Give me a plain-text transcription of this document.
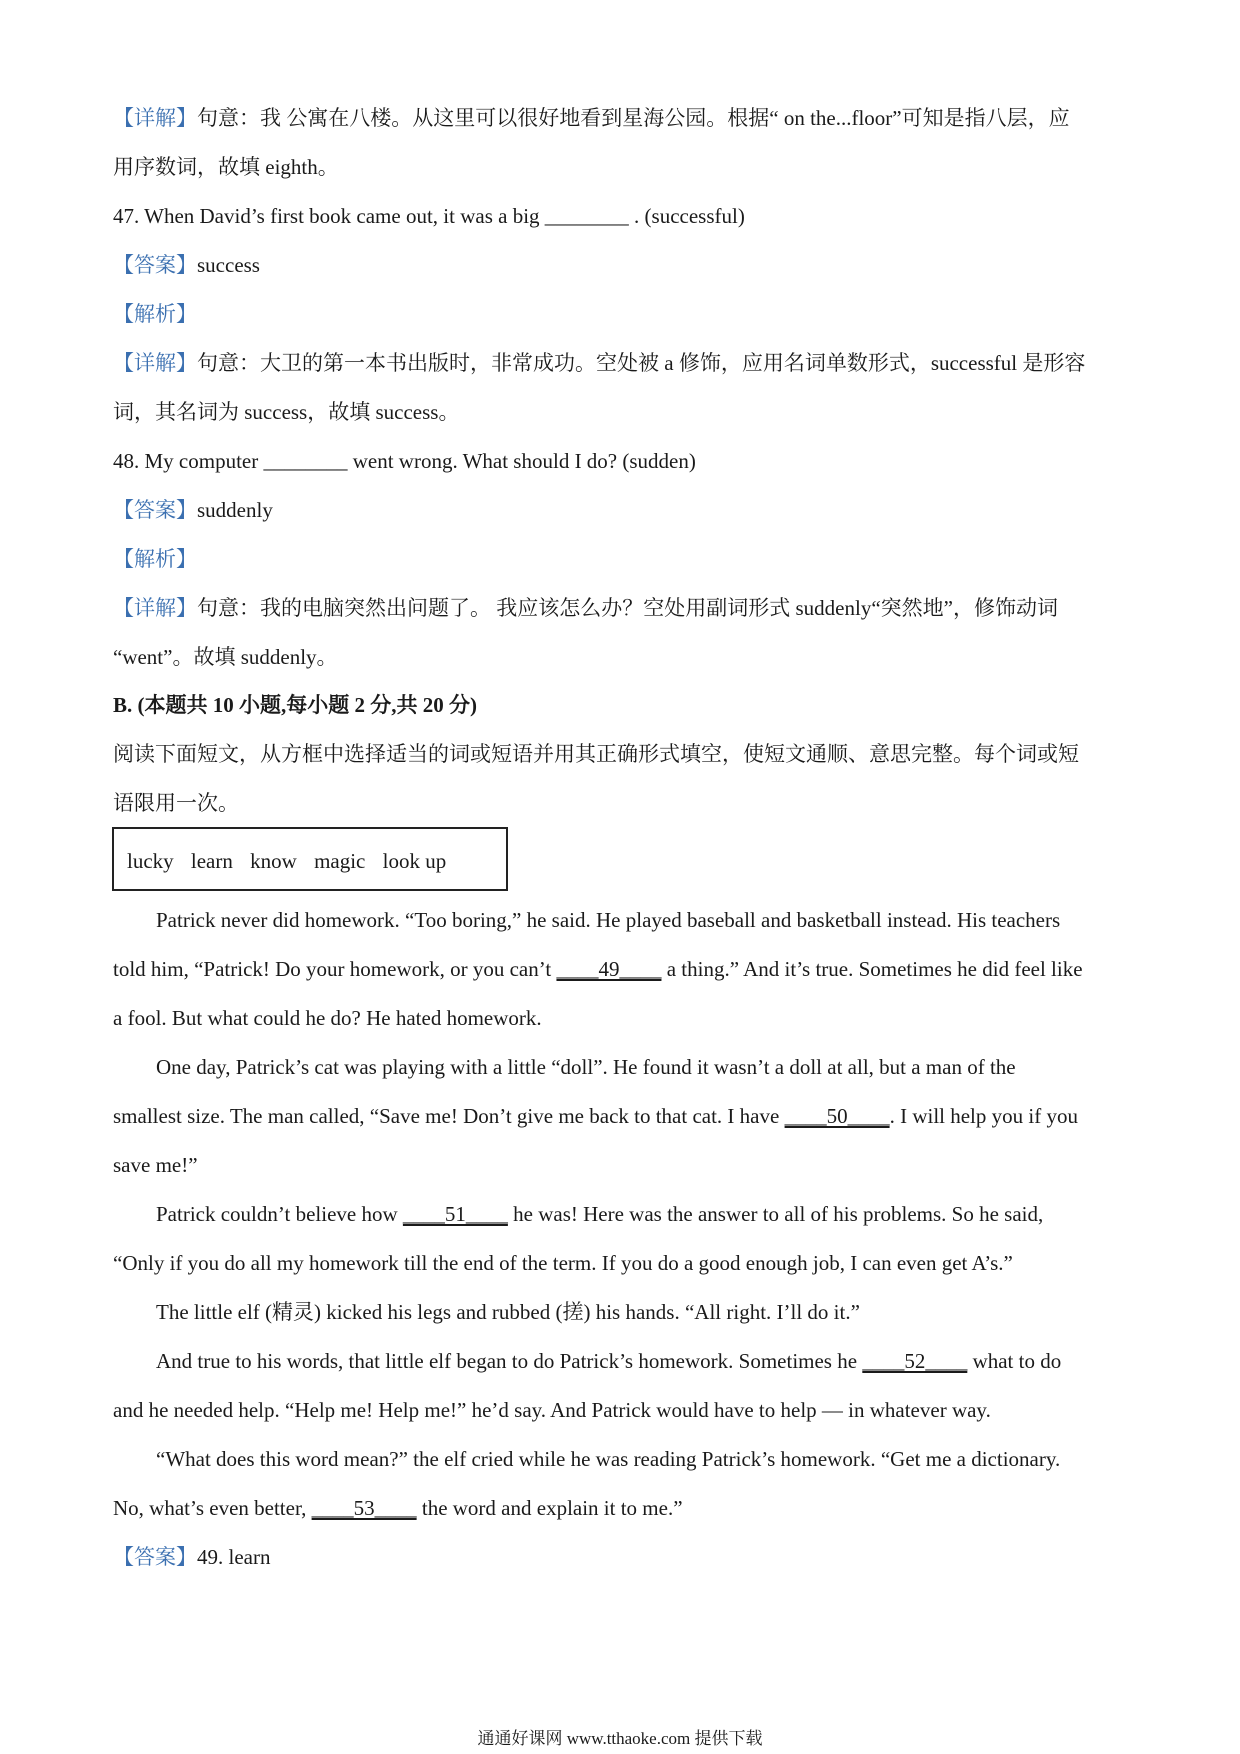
【详解】句意：我 公寓在八楼。从这里可以很好地看到星海公园。根据“ on the...floor”可知是指八层，应
用序数词，故填 eighth。
47. When David’s first book came out, it was a big ________ . (successful)
【答案】success
【解析】
【详解】句意：大卫的第一本书出版时，非常成功。空处被 a 修饰，应用名词单数形式，successful 是形容
词，其名词为 success，故填 success。
48. My computer ________ went wrong. What should I do? (sudden)
【答案】suddenly
【解析】
【详解】句意：我的电脑突然出问题了。 我应该怎么办？空处用副词形式 suddenly“突然地”，修饰动词
“went”。故填 suddenly。
B. (本题共 10 小题,每小题 2 分,共 20 分)
阅读下面短文，从方框中选择适当的词或短语并用其正确形式填空，使短文通顺、意思完整。每个词或短
语限用一次。
lucky learn know magic look up
Patrick never did homework. “Too boring,” he said. He played baseball and basketball instead. His teachers
told him, “Patrick! Do your homework, or you can’t ____49____ a thing.” And it’s true. Sometimes he did feel like
a fool. But what could he do? He hated homework.
One day, Patrick’s cat was playing with a little “doll”. He found it wasn’t a doll at all, but a man of the
smallest size. The man called, “Save me! Don’t give me back to that cat. I have ____50____. I will help you if you
save me!”
Patrick couldn’t believe how ____51____ he was! Here was the answer to all of his problems. So he said,
“Only if you do all my homework till the end of the term. If you do a good enough job, I can even get A’s.”
The little elf (精灵) kicked his legs and rubbed (搓) his hands. “All right. I’ll do it.”
And true to his words, that little elf began to do Patrick’s homework. Sometimes he ____52____ what to do
and he needed help. “Help me! Help me!” he’d say. And Patrick would have to help — in whatever way.
“What does this word mean?” the elf cried while he was reading Patrick’s homework. “Get me a dictionary.
No, what’s even better, ____53____ the word and explain it to me.”
【答案】49. learn
通通好课网 www.tthaoke.com 提供下载
